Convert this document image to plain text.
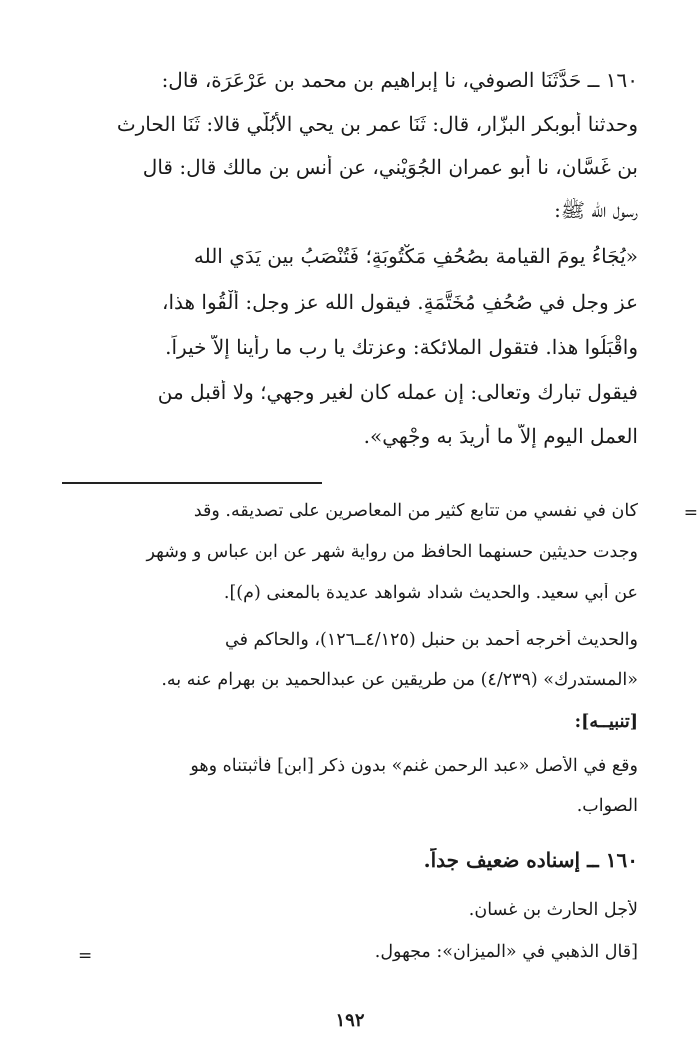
١٦٠ ــ حَدَّثَنَا الصوفي، نا إبراهيم بن محمد بن عَرْعَرَة، قال:
وحدثنا أبوبكر البزّار، قال: ثَنَا عمر بن يحي الأَبُلّي قالا: ثَنَا الحارث
بن غَسَّان، نا أبو عمران الجُوَيْني، عن أنس بن مالك قال: قال
رسول الله ﷺ:
«يُجَاءُ يومَ القيامة بصُحُفٍ مَكْتُوبَةٍ؛ فَتُنْصَبُ بين يَدَي الله
عز وجل في صُحُفٍ مُخَتَّمَةٍ. فيقول الله عز وجل: أَلْقُوا هذا،
واقْبَلُوا هذا. فتقول الملائكة: وعزتك يا رب ما رأينا إلاّ خيراً.
فيقول تبارك وتعالى: إن عمله كان لغير وجهي؛ ولا أقبل من
العمل اليوم إلاّ ما أُرِيدَ به وجْهِي».
=
كان في نفسي من تتابع كثير من المعاصرين على تصديقه. وقد
وجدت حديثين حسنهما الحافظ من رواية شهر عن ابن عباس و وشهر
عن أبي سعيد. والحديث شداد شواهد عديدة بالمعنى (م)].
والحديث أخرجه أحمد بن حنبل (٤/١٢٥ــ١٢٦)، والحاكم في
«المستدرك» (٤/٢٣٩) من طريقين عن عبدالحميد بن بهرام عنه به.
[تنبيــه]:
وقع في الأصل «عبد الرحمن غنم» بدون ذكر [ابن] فأثبتناه وهو
الصواب.
١٦٠ ــ إسناده ضعيف جداً.
لأجل الحارث بن غسان.
[قال الذهبي في «الميزان»: مجهول.
=
١٩٢
